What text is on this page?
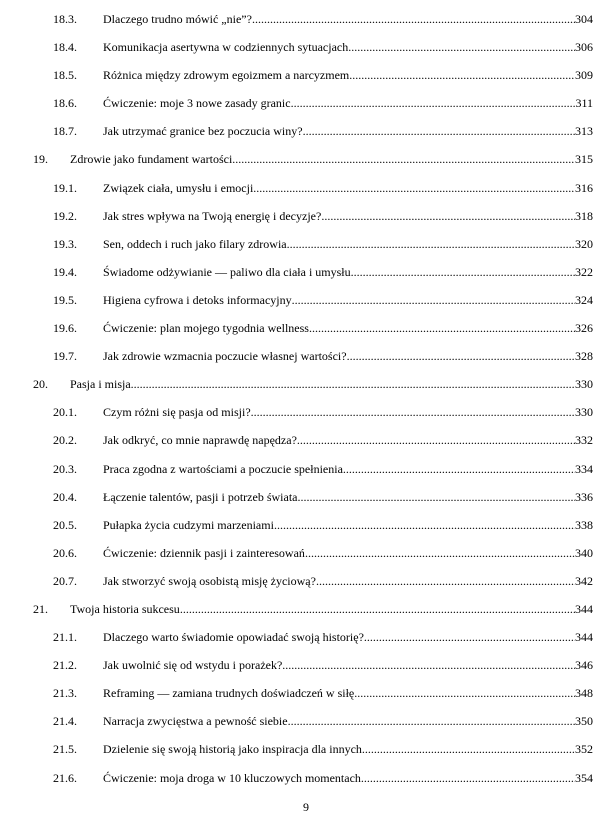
18.3.	Dlaczego trudno mówić „nie”? .....	304
18.4.	Komunikacja asertywna w codziennych sytuacjach .....	306
18.5.	Różnica między zdrowym egoizmem a narcyzmem .....	309
18.6.	Ćwiczenie: moje 3 nowe zasady granic .....	311
18.7.	Jak utrzymać granice bez poczucia winy? .....	313
19.	Zdrowie jako fundament wartości .....	315
19.1.	Związek ciała, umysłu i emocji .....	316
19.2.	Jak stres wpływa na Twoją energię i decyzje? .....	318
19.3.	Sen, oddech i ruch jako filary zdrowia .....	320
19.4.	Świadome odżywianie — paliwo dla ciała i umysłu .....	322
19.5.	Higiena cyfrowa i detoks informacyjny .....	324
19.6.	Ćwiczenie: plan mojego tygodnia wellness .....	326
19.7.	Jak zdrowie wzmacnia poczucie własnej wartości? .....	328
20.	Pasja i misja .....	330
20.1.	Czym różni się pasja od misji? .....	330
20.2.	Jak odkryć, co mnie naprawdę napędza? .....	332
20.3.	Praca zgodna z wartościami a poczucie spełnienia .....	334
20.4.	Łączenie talentów, pasji i potrzeb świata .....	336
20.5.	Pułapka życia cudzymi marzeniami .....	338
20.6.	Ćwiczenie: dziennik pasji i zainteresowań .....	340
20.7.	Jak stworzyć swoją osobistą misję życiową? .....	342
21.	Twoja historia sukcesu .....	344
21.1.	Dlaczego warto świadomie opowiadać swoją historię? .....	344
21.2.	Jak uwolnić się od wstydu i porażek? .....	346
21.3.	Reframing — zamiana trudnych doświadczeń w siłę .....	348
21.4.	Narracja zwycięstwa a pewność siebie .....	350
21.5.	Dzielenie się swoją historią jako inspiracja dla innych .....	352
21.6.	Ćwiczenie: moja droga w 10 kluczowych momentach .....	354
9
